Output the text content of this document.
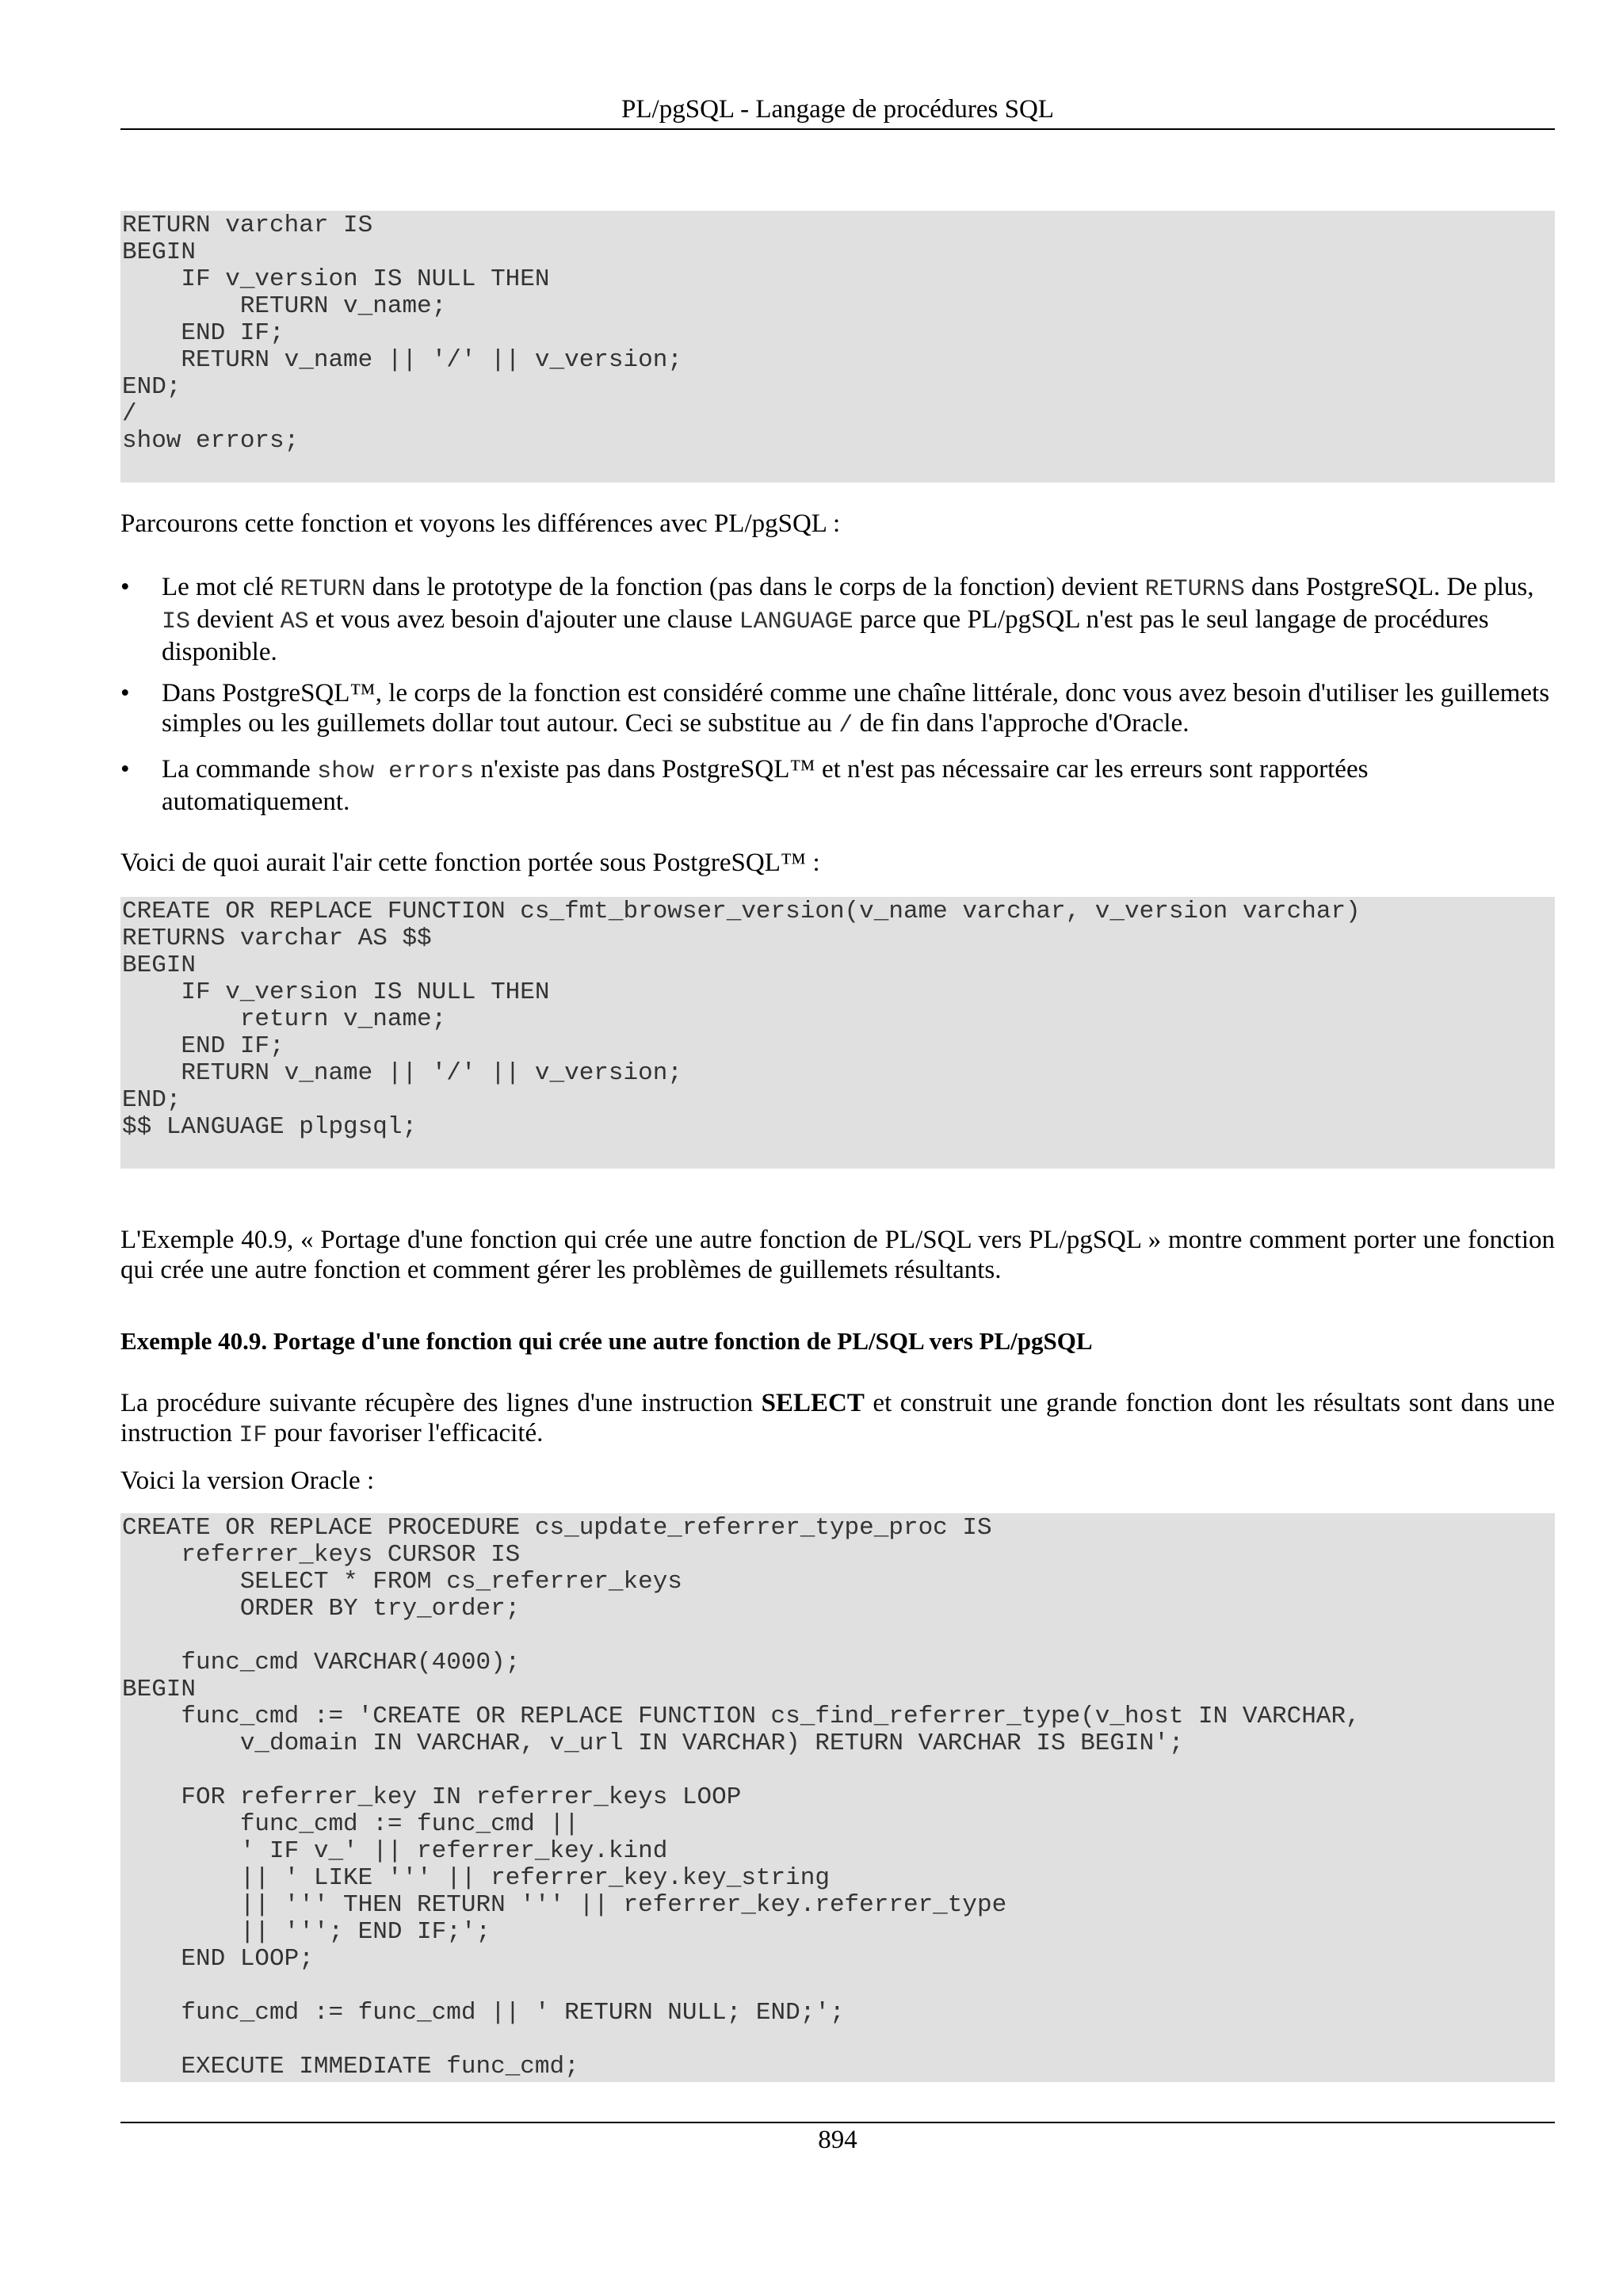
PL/pgSQL - Langage de procédures SQL
RETURN varchar IS
BEGIN
IF v_version IS NULL THEN
RETURN v_name;
END IF;
RETURN v_name || '/' || v_version;
END;
/
show errors;

Parcourons cette fonction et voyons les différences avec PL/pgSQL :

•	Le mot clé RETURN dans le prototype de la fonction (pas dans le corps de la fonction) devient RETURNS dans PostgreSQL. De plus, IS devient AS et vous avez besoin d'ajouter une clause LANGUAGE parce que PL/pgSQL n'est pas le seul langage de procédures disponible.
•	Dans PostgreSQL™, le corps de la fonction est considéré comme une chaîne littérale, donc vous avez besoin d'utiliser les guillemets simples ou les guillemets dollar tout autour. Ceci se substitue au / de fin dans l'approche d'Oracle.
•	La commande show errors n'existe pas dans PostgreSQL™ et n'est pas nécessaire car les erreurs sont rapportées automatiquement.

Voici de quoi aurait l'air cette fonction portée sous PostgreSQL™ :

CREATE OR REPLACE FUNCTION cs_fmt_browser_version(v_name varchar, v_version varchar)
RETURNS varchar AS $$
BEGIN
IF v_version IS NULL THEN
return v_name;
END IF;
RETURN v_name || '/' || v_version;
END;
$$ LANGUAGE plpgsql;

L'Exemple 40.9, « Portage d'une fonction qui crée une autre fonction de PL/SQL vers PL/pgSQL » montre comment porter une fonction qui crée une autre fonction et comment gérer les problèmes de guillemets résultants.

Exemple 40.9. Portage d'une fonction qui crée une autre fonction de PL/SQL vers PL/pgSQL

La procédure suivante récupère des lignes d'une instruction SELECT et construit une grande fonction dont les résultats sont dans une instruction IF pour favoriser l'efficacité.

Voici la version Oracle :

CREATE OR REPLACE PROCEDURE cs_update_referrer_type_proc IS
referrer_keys CURSOR IS
SELECT * FROM cs_referrer_keys
ORDER BY try_order;

func_cmd VARCHAR(4000);
BEGIN
func_cmd := 'CREATE OR REPLACE FUNCTION cs_find_referrer_type(v_host IN VARCHAR,
v_domain IN VARCHAR, v_url IN VARCHAR) RETURN VARCHAR IS BEGIN';

FOR referrer_key IN referrer_keys LOOP
func_cmd := func_cmd ||
' IF v_' || referrer_key.kind
|| ' LIKE ''' || referrer_key.key_string
|| ''' THEN RETURN ''' || referrer_key.referrer_type
|| '''; END IF;';
END LOOP;

func_cmd := func_cmd || ' RETURN NULL; END;';

EXECUTE IMMEDIATE func_cmd;
894
